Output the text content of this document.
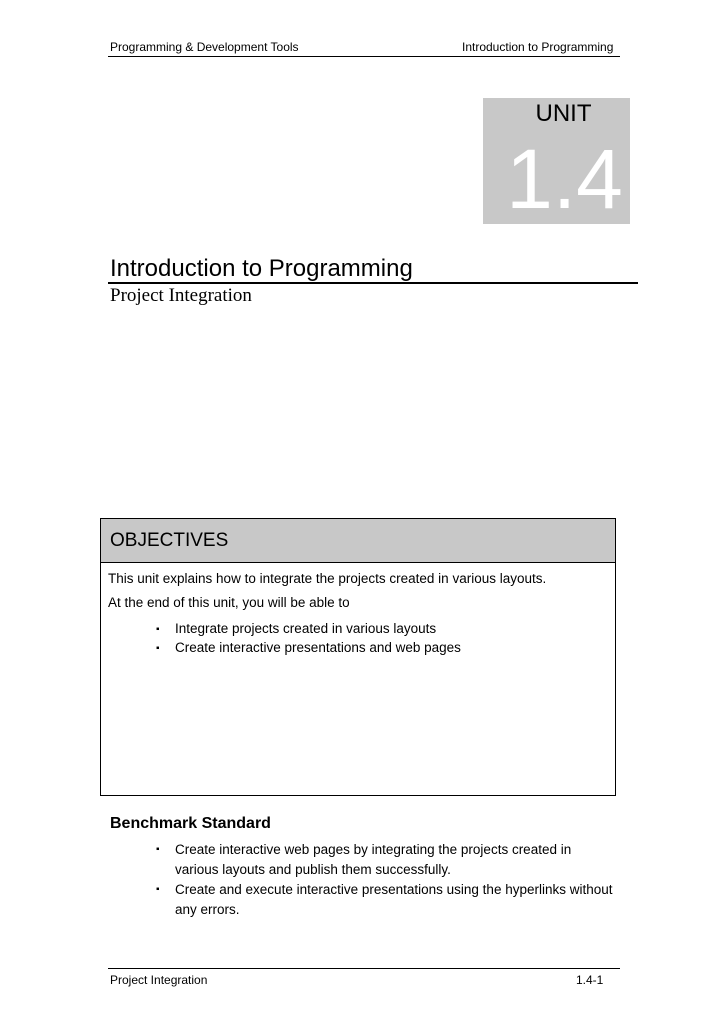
Programming & Development Tools	Introduction to Programming
UNIT
1.4
Introduction to Programming
Project Integration
OBJECTIVES
This unit explains how to integrate the projects created in various layouts.
At the end of this unit, you will be able to
▪ Integrate projects created in various layouts
▪ Create interactive presentations and web pages
Benchmark Standard
▪ Create interactive web pages by integrating the projects created in various layouts and publish them successfully.
▪ Create and execute interactive presentations using the hyperlinks without any errors.
Project Integration	1.4-1
